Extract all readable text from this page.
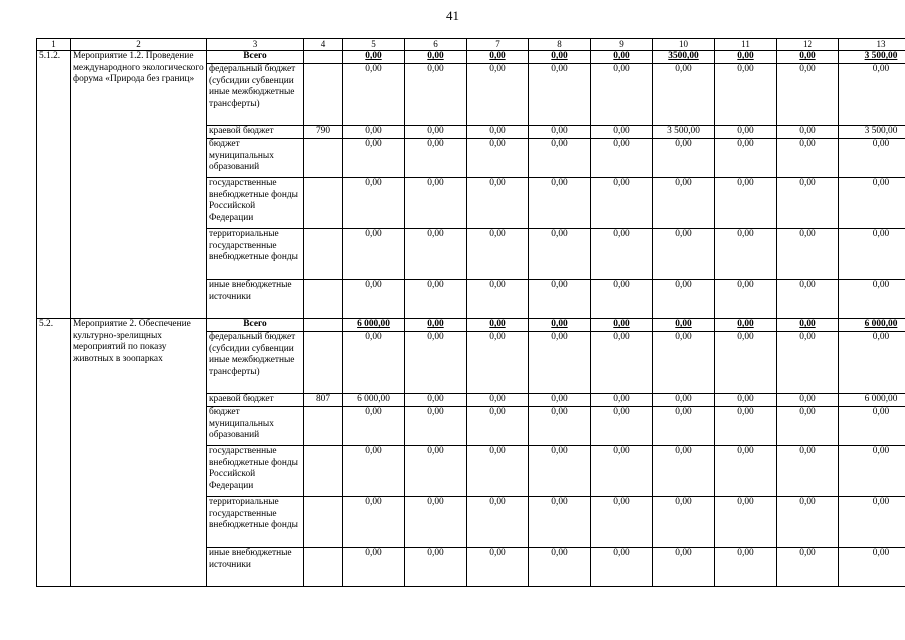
41
1	2	3	4	5	6	7	8	9	10	11	12	13
5.1.2.	Мероприятие 1.2. Проведение международного экологического форума «Природа без границ»	Всего		0,00	0,00	0,00	0,00	0,00	3500,00	0,00	0,00	3 500,00
		федеральный бюджет (субсидии субвенции иные межбюджетные трансферты)		0,00	0,00	0,00	0,00	0,00	0,00	0,00	0,00	0,00
		краевой бюджет	790	0,00	0,00	0,00	0,00	0,00	3 500,00	0,00	0,00	3 500,00
		бюджет муниципальных образований		0,00	0,00	0,00	0,00	0,00	0,00	0,00	0,00	0,00
		государственные внебюджетные фонды Российской Федерации		0,00	0,00	0,00	0,00	0,00	0,00	0,00	0,00	0,00
		территориальные государственные внебюджетные фонды		0,00	0,00	0,00	0,00	0,00	0,00	0,00	0,00	0,00
		иные внебюджетные источники		0,00	0,00	0,00	0,00	0,00	0,00	0,00	0,00	0,00
5.2.	Мероприятие 2. Обеспечение культурно-зрелищных мероприятий по показу животных в зоопарках	Всего		6 000,00	0,00	0,00	0,00	0,00	0,00	0,00	0,00	6 000,00
		федеральный бюджет (субсидии субвенции иные межбюджетные трансферты)		0,00	0,00	0,00	0,00	0,00	0,00	0,00	0,00	0,00
		краевой бюджет	807	6 000,00	0,00	0,00	0,00	0,00	0,00	0,00	0,00	6 000,00
		бюджет муниципальных образований		0,00	0,00	0,00	0,00	0,00	0,00	0,00	0,00	0,00
		государственные внебюджетные фонды Российской Федерации		0,00	0,00	0,00	0,00	0,00	0,00	0,00	0,00	0,00
		территориальные государственные внебюджетные фонды		0,00	0,00	0,00	0,00	0,00	0,00	0,00	0,00	0,00
		иные внебюджетные источники		0,00	0,00	0,00	0,00	0,00	0,00	0,00	0,00	0,00
